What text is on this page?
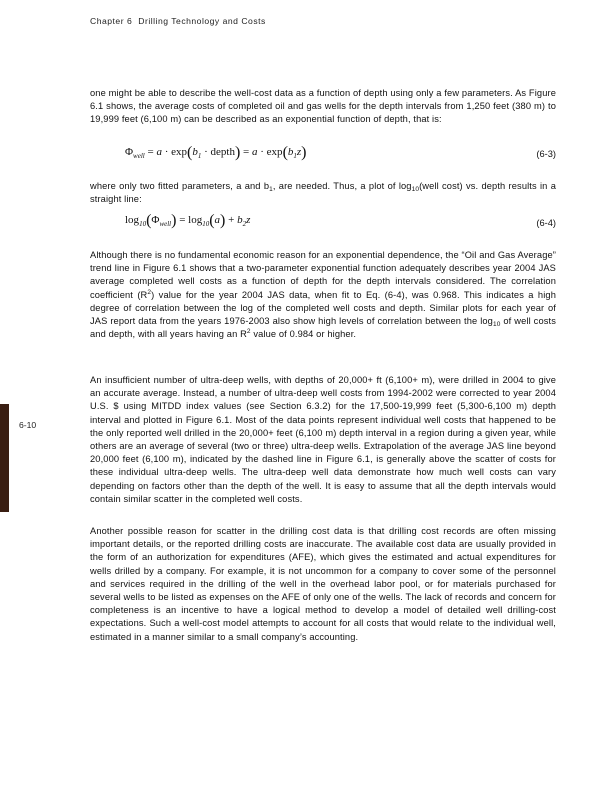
Chapter 6 Drilling Technology and Costs
6-10

one might be able to describe the well-cost data as a function of depth using only a few parameters. As Figure 6.1 shows, the average costs of completed oil and gas wells for the depth intervals from 1,250 feet (380 m) to 19,999 feet (6,100 m) can be described as an exponential function of depth, that is:

$\Phi_{well} = a \cdot \exp(b_1$ · depth) = $a \cdot \exp(b_1z)$	(6-3)

where only two fitted parameters, a and $b_1$, are needed. Thus, a plot of $\log_{10}(well$ cost) vs. depth results in a straight line:

$\log_{10}(\Phi_{well}) = \log_{10}(a) + b_2z$	(6-4)

Although there is no fundamental economic reason for an exponential dependence, the “Oil and Gas Average” trend line in Figure 6.1 shows that a two-parameter exponential function adequately describes year 2004 JAS average completed well costs as a function of depth for the depth intervals considered. The correlation coefficient $(R^2)$ value for the year 2004 JAS data, when fit to Eq. (6-4), was 0.968. This indicates a high degree of correlation between the log of the completed well costs and depth. Similar plots for each year of JAS report data from the years 1976-2003 also show high levels of correlation between the $\log_{10}$ of well costs and depth, with all years having an $R^2$ value of 0.984 or higher.

An insufficient number of ultra-deep wells, with depths of 20,000+ ft (6,100+ m), were drilled in 2004 to give an accurate average. Instead, a number of ultra-deep well costs from 1994-2002 were corrected to year 2004 U.S. $ using MITDD index values (see Section 6.3.2) for the 17,500-19,999 feet (5,300-6,100 m) depth interval and plotted in Figure 6.1. Most of the data points represent individual well costs that happened to be the only reported well drilled in the 20,000+ feet (6,100 m) depth interval in a region during a given year, while others are an average of several (two or three) ultra-deep wells. Extrapolation of the average JAS line beyond 20,000 feet (6,100 m), indicated by the dashed line in Figure 6.1, is generally above the scatter of costs for these individual ultra-deep wells. The ultra-deep well data demonstrate how much well costs can vary depending on factors other than the depth of the well. It is easy to assume that all the depth intervals would contain similar scatter in the completed well costs.

Another possible reason for scatter in the drilling cost data is that drilling cost records are often missing important details, or the reported drilling costs are inaccurate. The available cost data are usually provided in the form of an authorization for expenditures (AFE), which gives the estimated and actual expenditures for wells drilled by a company. For example, it is not uncommon for a company to cover some of the personnel and services required in the drilling of the well in the overhead labor pool, or for materials purchased for several wells to be listed as expenses on the AFE of only one of the wells. The lack of records and concern for completeness is an incentive to have a logical method to develop a model of detailed well drilling-cost expectations. Such a well-cost model attempts to account for all costs that would relate to the individual well, estimated in a manner similar to a small company’s accounting.
